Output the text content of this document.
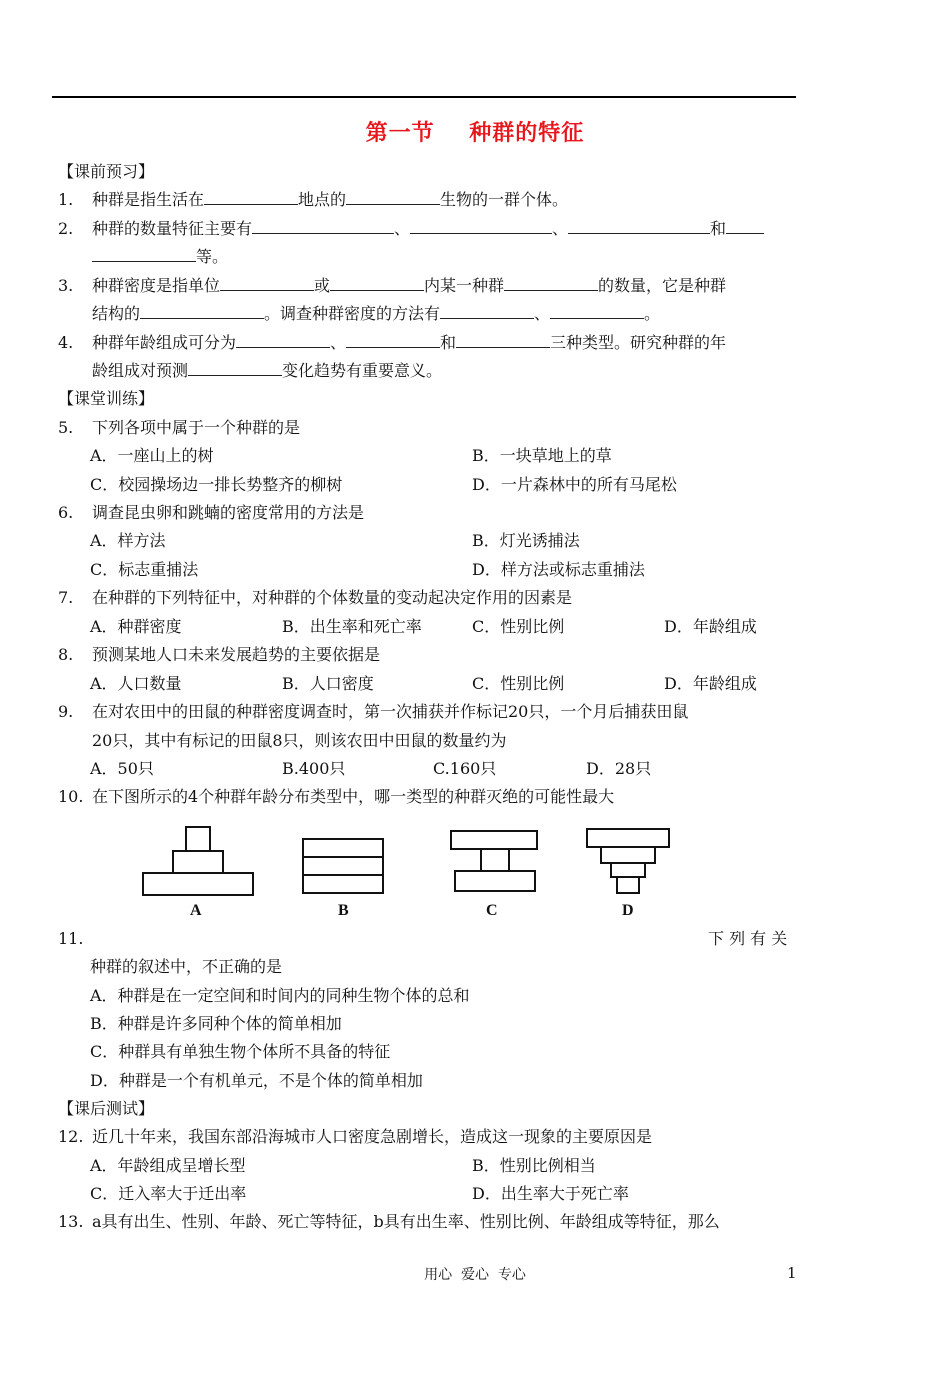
第一节    种群的特征
【课前预习】
1. 种群是指生活在	地点的	生物的一群个体。
2. 种群的数量特征主要有	、	、	和
等。
3. 种群密度是指单位	或	内某一种群	的数量，它是种群
结构的	。调查种群密度的方法有	、	。
4. 种群年龄组成可分为	、	和	三种类型。研究种群的年
龄组成对预测	变化趋势有重要意义。
【课堂训练】
5. 下列各项中属于一个种群的是
A．一座山上的树	B．一块草地上的草
C．校园操场边一排长势整齐的柳树	D．一片森林中的所有马尾松
6. 调查昆虫卵和跳蝻的密度常用的方法是
A．样方法	B．灯光诱捕法
C．标志重捕法	D．样方法或标志重捕法
7. 在种群的下列特征中，对种群的个体数量的变动起决定作用的因素是
A．种群密度	B．出生率和死亡率	C．性别比例	D．年龄组成
8. 预测某地人口未来发展趋势的主要依据是
A．人口数量	B．人口密度	C．性别比例	D．年龄组成
9. 在对农田中的田鼠的种群密度调查时，第一次捕获并作标记20只，一个月后捕获田鼠
20只，其中有标记的田鼠8只，则该农田中田鼠的数量约为
A．50只	B.400只	C.160只	D．28只
10. 在下图所示的4个种群年龄分布类型中，哪一类型的种群灭绝的可能性最大
A	B	C	D
11.	下 列 有 关
种群的叙述中，不正确的是
A．种群是在一定空间和时间内的同种生物个体的总和
B．种群是许多同种个体的简单相加
C．种群具有单独生物个体所不具备的特征
D．种群是一个有机单元，不是个体的简单相加
【课后测试】
12. 近几十年来，我国东部沿海城市人口密度急剧增长，造成这一现象的主要原因是
A．年龄组成呈增长型	B．性别比例相当
C．迁入率大于迁出率	D．出生率大于死亡率
13. a具有出生、性别、年龄、死亡等特征，b具有出生率、性别比例、年龄组成等特征，那么
用心  爱心  专心	1
